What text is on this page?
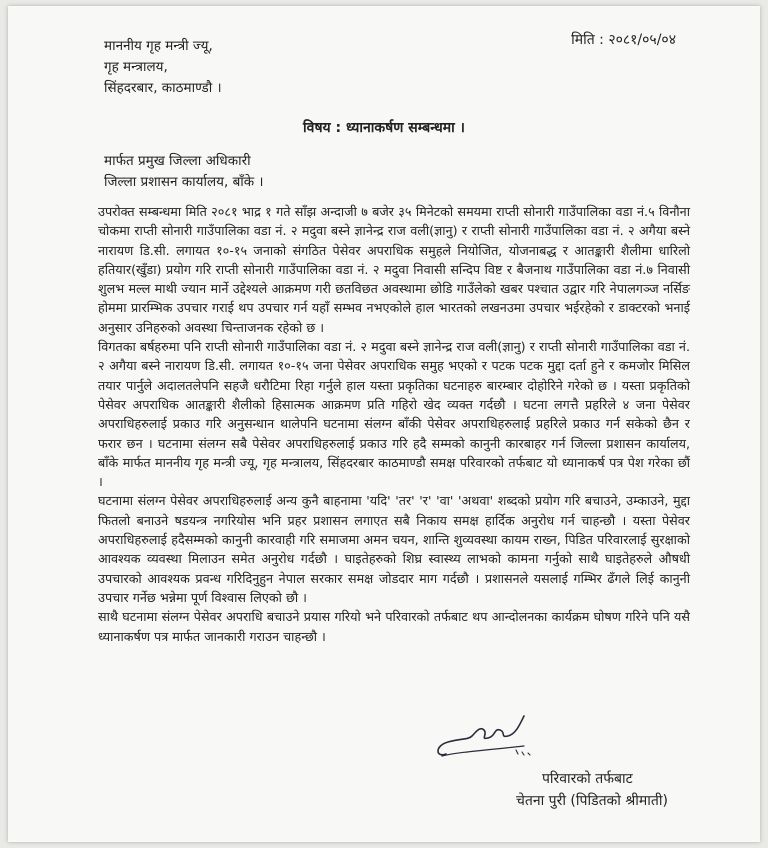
मिति : २०८१/०५/०४
माननीय गृह मन्त्री ज्यू,
गृह मन्त्रालय,
सिंहदरबार, काठमाण्डौ ।
विषय : ध्यानाकर्षण सम्बन्धमा ।
मार्फत प्रमुख जिल्ला अधिकारी
जिल्ला प्रशासन कार्यालय, बाँके ।

उपरोक्त सम्बन्धमा मिति २०८१ भाद्र १ गते साँझ अन्दाजी ७ बजेर ३५ मिनेटको समयमा राप्ती सोनारी गाउँपालिका वडा नं.५ विनौना चोकमा राप्ती सोनारी गाउँपालिका वडा नं. २ मदुवा बस्ने ज्ञानेन्द्र राज वली(ज्ञानु) र राप्ती सोनारी गाउँपालिका वडा नं. २ अगैया बस्ने नारायण डि.सी. लगायत १०-१५ जनाको संगठित पेसेवर अपराधिक समुहले नियोजित, योजनाबद्ध र आतङ्कारी शैलीमा धारिलो हतियार(खुँडा) प्रयोग गरि राप्ती सोनारी गाउँपालिका वडा नं. २ मदुवा निवासी सन्दिप विष्ट र बैजनाथ गाउँपालिका वडा नं.७ निवासी शुलभ मल्ल माथी ज्यान मार्ने उद्देश्यले आक्रमण गरी छतविछत अवस्थामा छोडि गाउँलेको खबर पश्चात उद्वार गरि नेपालगञ्ज नर्सिङ होममा प्रारम्भिक उपचार गराई थप उपचार गर्न यहाँ सम्भव नभएकोले हाल भारतको लखनउमा उपचार भईरहेको र डाक्टरको भनाई अनुसार उनिहरुको अवस्था चिन्ताजनक रहेको छ ।

विगतका बर्षहरुमा पनि राप्ती सोनारी गाउँपालिका वडा नं. २ मदुवा बस्ने ज्ञानेन्द्र राज वली(ज्ञानु) र राप्ती सोनारी गाउँपालिका वडा नं. २ अगैया बस्ने नारायण डि.सी. लगायत १०-१५ जना पेसेवर अपराधिक समुह भएको र पटक पटक मुद्दा दर्ता हुने र कमजोर मिसिल तयार पार्नुले अदालतलेपनि सहजै धरौटिमा रिहा गर्नुले हाल यस्ता प्रकृतिका घटनाहरु बारम्बार दोहोरिने गरेको छ । यस्ता प्रकृतिको पेसेवर अपराधिक आतङ्कारी शैलीको हिसात्मक आक्रमण प्रति गहिरो खेद व्यक्त गर्दछौ । घटना लगत्तै प्रहरिले ४ जना पेसेवर अपराधिहरुलाई प्रकाउ गरि अनुसन्धान थालेपनि घटनामा संलग्न बाँकी पेसेवर अपराधिहरुलाई प्रहरिले प्रकाउ गर्न सकेको छैन र फरार छन । घटनामा संलग्न सबै पेसेवर अपराधिहरुलाई प्रकाउ गरि हदै सम्मको कानुनी कारबाहर गर्न जिल्ला प्रशासन कार्यालय, बाँके मार्फत माननीय गृह मन्त्री ज्यू, गृह मन्त्रालय, सिंहदरबार काठमाण्डौ समक्ष परिवारको तर्फबाट यो ध्यानाकर्ष पत्र पेश गरेका छौं ।

घटनामा संलग्न पेसेवर अपराधिहरुलाई अन्य कुनै बाहनामा 'यदि' 'तर' 'र' 'वा' 'अथवा' शब्दको प्रयोग गरि बचाउने, उम्काउने, मुद्दा फितलो बनाउने षडयन्त्र नगरियोस भनि प्रहर प्रशासन लगाएत सबै निकाय समक्ष हार्दिक अनुरोध गर्न चाहन्छौ । यस्ता पेसेवर अपराधिहरुलाई हदैसम्मको कानुनी कारवाही गरि समाजमा अमन चयन, शान्ति शुव्यवस्था कायम राख्न, पिडित परिवारलाई सुरक्षाको आवश्यक व्यवस्था मिलाउन समेत अनुरोध गर्दछौ । घाइतेहरुको शिघ्र स्वास्थ्य लाभको कामना गर्नुको साथै घाइतेहरुले औषधी उपचारको आवश्यक प्रवन्ध गरिदिनुहुन नेपाल सरकार समक्ष जोडदार माग गर्दछौ । प्रशासनले यसलाई गम्भिर ढँगले लिई कानुनी उपचार गर्नेछ भन्नेमा पूर्ण विश्वास लिएको छौ ।

साथै घटनामा संलग्न पेसेवर अपराधि बचाउने प्रयास गरियो भने परिवारको तर्फबाट थप आन्दोलनका कार्यक्रम घोषण गरिने पनि यसै ध्यानाकर्षण पत्र मार्फत जानकारी गराउन चाहन्छौ ।

परिवारको तर्फबाट
चेतना पुरी (पिडितको श्रीमाती)
